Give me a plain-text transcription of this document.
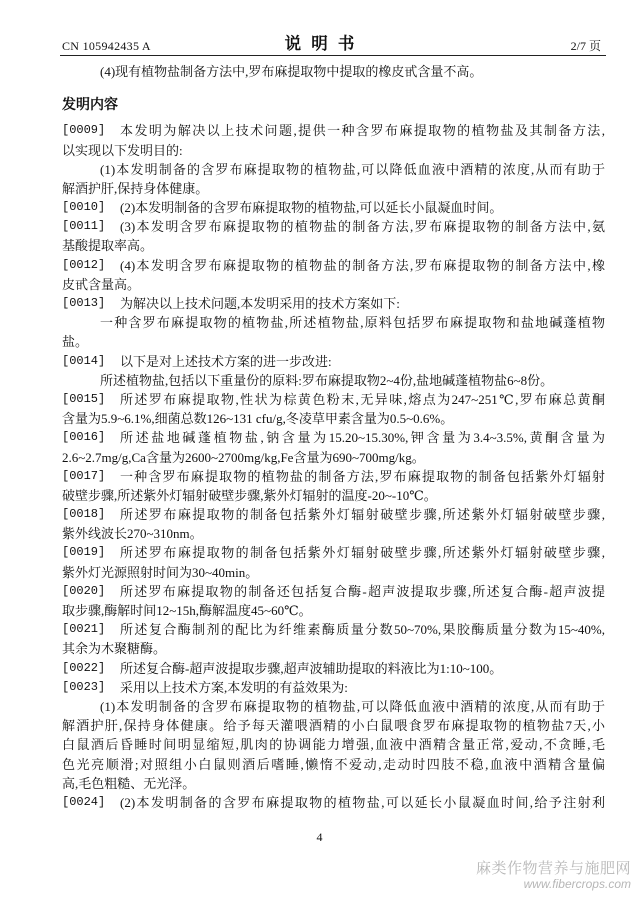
CN 105942435 A	说 明 书	2/7 页
(4)现有植物盐制备方法中,罗布麻提取物中提取的橡皮甙含量不高。
发明内容
[0009]	本发明为解决以上技术问题,提供一种含罗布麻提取物的植物盐及其制备方法,
以实现以下发明目的:
(1)本发明制备的含罗布麻提取物的植物盐,可以降低血液中酒精的浓度,从而有助于
解酒护肝,保持身体健康。
[0010]	(2)本发明制备的含罗布麻提取物的植物盐,可以延长小鼠凝血时间。
[0011]	(3)本发明含罗布麻提取物的植物盐的制备方法,罗布麻提取物的制备方法中,氨
基酸提取率高。
[0012]	(4)本发明含罗布麻提取物的植物盐的制备方法,罗布麻提取物的制备方法中,橡
皮甙含量高。
[0013]	为解决以上技术问题,本发明采用的技术方案如下:
一种含罗布麻提取物的植物盐,所述植物盐,原料包括罗布麻提取物和盐地碱蓬植物
盐。
[0014]	以下是对上述技术方案的进一步改进:
所述植物盐,包括以下重量份的原料:罗布麻提取物2~4份,盐地碱蓬植物盐6~8份。
[0015]	所述罗布麻提取物,性状为棕黄色粉末,无异味,熔点为247~251℃,罗布麻总黄酮
含量为5.9~6.1%,细菌总数126~131 cfu/g,冬凌草甲素含量为0.5~0.6%。
[0016]	所述盐地碱蓬植物盐,钠含量为15.20~15.30%,钾含量为3.4~3.5%,黄酮含量为
2.6~2.7mg/g,Ca含量为2600~2700mg/kg,Fe含量为690~700mg/kg。
[0017]	一种含罗布麻提取物的植物盐的制备方法,罗布麻提取物的制备包括紫外灯辐射
破壁步骤,所述紫外灯辐射破壁步骤,紫外灯辐射的温度-20~-10℃。
[0018]	所述罗布麻提取物的制备包括紫外灯辐射破壁步骤,所述紫外灯辐射破壁步骤,
紫外线波长270~310nm。
[0019]	所述罗布麻提取物的制备包括紫外灯辐射破壁步骤,所述紫外灯辐射破壁步骤,
紫外灯光源照射时间为30~40min。
[0020]	所述罗布麻提取物的制备还包括复合酶-超声波提取步骤,所述复合酶-超声波提
取步骤,酶解时间12~15h,酶解温度45~60℃。
[0021]	所述复合酶制剂的配比为纤维素酶质量分数50~70%,果胶酶质量分数为15~40%,
其余为木聚糖酶。
[0022]	所述复合酶-超声波提取步骤,超声波辅助提取的料液比为1:10~100。
[0023]	采用以上技术方案,本发明的有益效果为:
(1)本发明制备的含罗布麻提取物的植物盐,可以降低血液中酒精的浓度,从而有助于
解酒护肝,保持身体健康。给予每天灌喂酒精的小白鼠喂食罗布麻提取物的植物盐7天,小
白鼠酒后昏睡时间明显缩短,肌肉的协调能力增强,血液中酒精含量正常,爱动,不贪睡,毛
色光亮顺滑;对照组小白鼠则酒后嗜睡,懒惰不爱动,走动时四肢不稳,血液中酒精含量偏
高,毛色粗糙、无光泽。
[0024]	(2)本发明制备的含罗布麻提取物的植物盐,可以延长小鼠凝血时间,给予注射利
4
麻类作物营养与施肥网
www.fibercrops.com
